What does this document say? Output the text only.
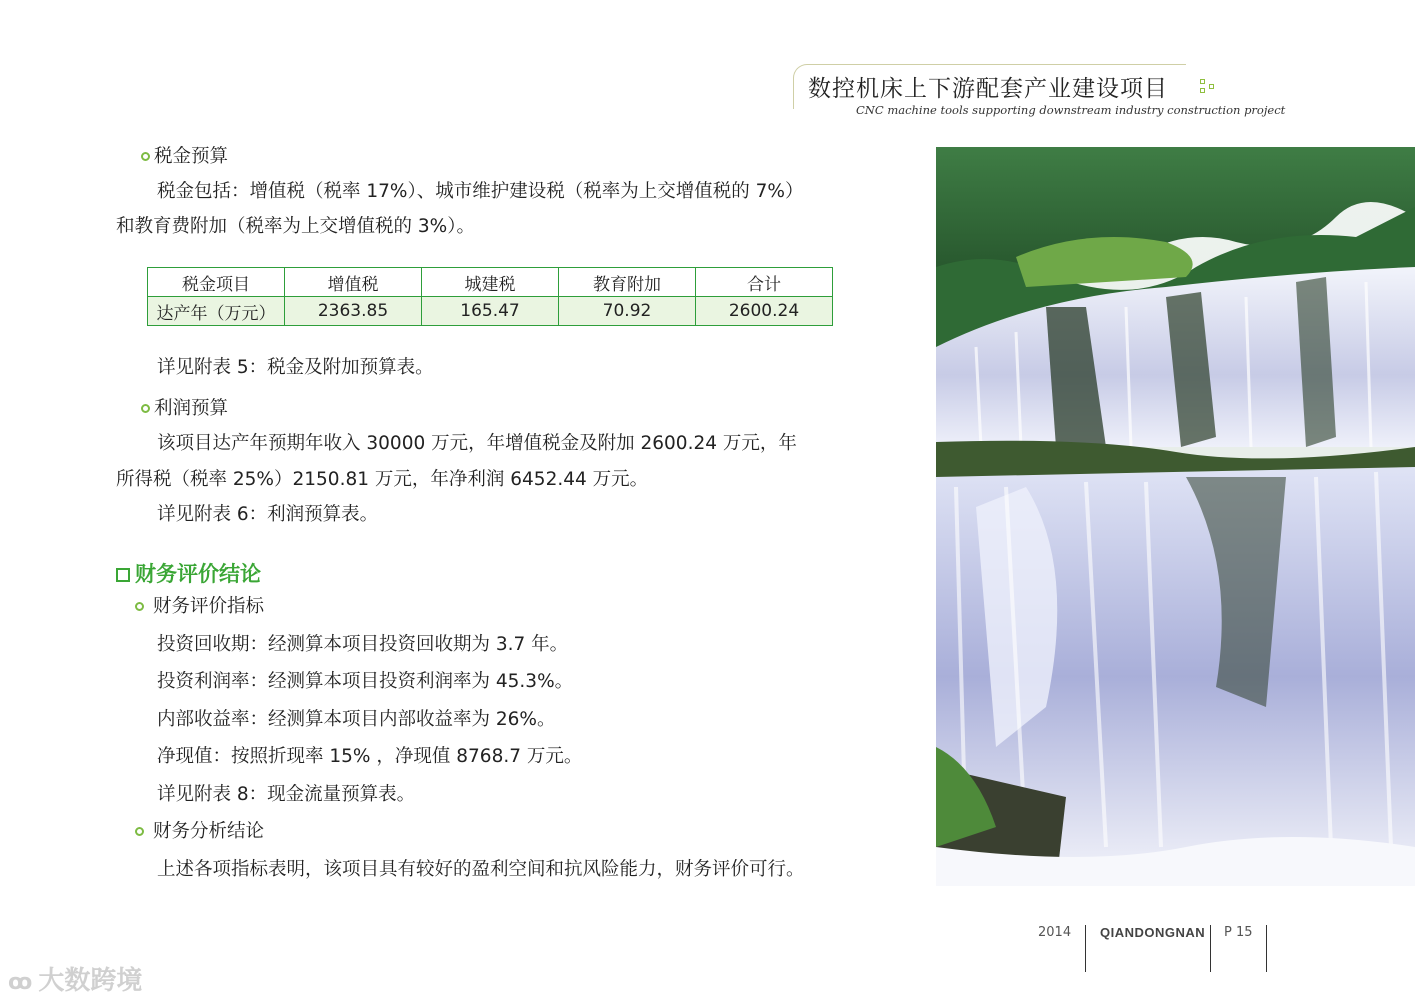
数控机床上下游配套产业建设项目
CNC machine tools supporting downstream industry construction project
税金预算
税金包括：增值税（税率 17%）、城市维护建设税（税率为上交增值税的 7%）
和教育费附加（税率为上交增值税的 3%）。
税金项目	增值税	城建税	教育附加	合计
达产年（万元）	2363.85	165.47	70.92	2600.24
详见附表 5：税金及附加预算表。
利润预算
该项目达产年预期年收入 30000 万元，年增值税金及附加 2600.24 万元，年
所得税（税率 25%）2150.81 万元，年净利润 6452.44 万元。
详见附表 6：利润预算表。
财务评价结论
财务评价指标
投资回收期：经测算本项目投资回收期为 3.7 年。
投资利润率：经测算本项目投资利润率为 45.3%。
内部收益率：经测算本项目内部收益率为 26%。
净现值：按照折现率 15% ，净现值 8768.7 万元。
详见附表 8：现金流量预算表。
财务分析结论
上述各项指标表明，该项目具有较好的盈利空间和抗风险能力，财务评价可行。
2014 QIANDONGNAN P 15
ꝏ 大数跨境
